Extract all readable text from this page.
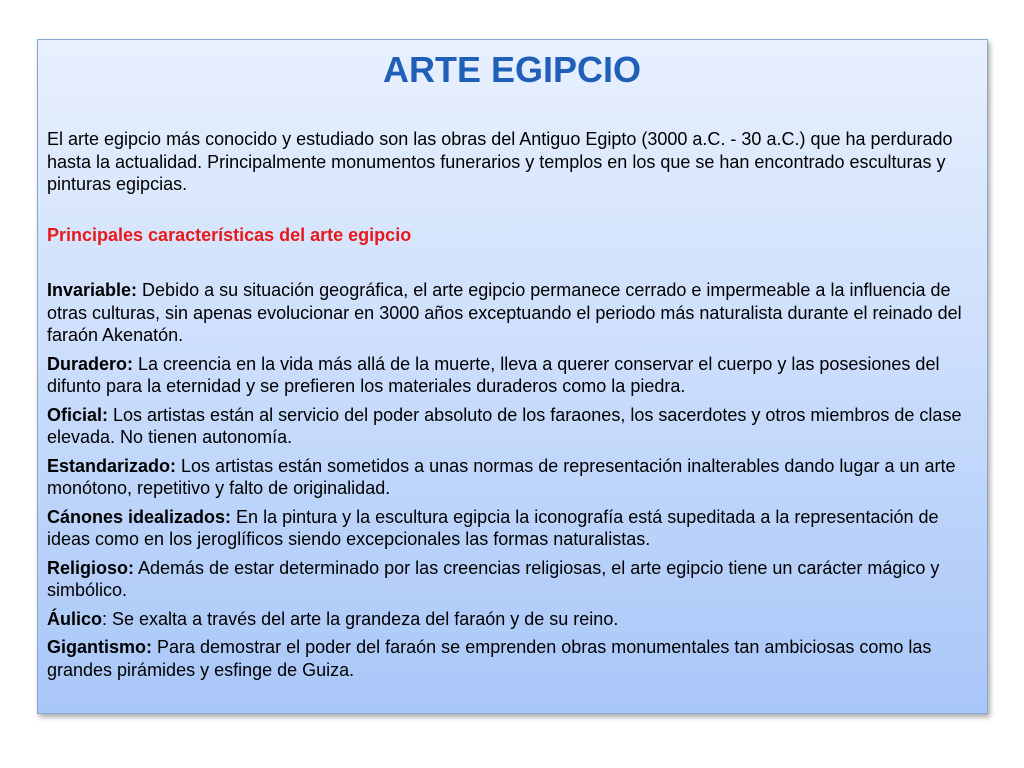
ARTE EGIPCIO

El arte egipcio más conocido y estudiado son las obras del Antiguo Egipto (3000 a.C. - 30 a.C.) que ha perdurado hasta la actualidad. Principalmente monumentos funerarios y templos en los que se han encontrado esculturas y pinturas egipcias.

Principales características del arte egipcio

Invariable: Debido a su situación geográfica, el arte egipcio permanece cerrado e impermeable a la influencia de otras culturas, sin apenas evolucionar en 3000 años exceptuando el periodo más naturalista durante el reinado del faraón Akenatón.

Duradero: La creencia en la vida más allá de la muerte, lleva a querer conservar el cuerpo y las posesiones del difunto para la eternidad y se prefieren los materiales duraderos como la piedra.

Oficial: Los artistas están al servicio del poder absoluto de los faraones, los sacerdotes y otros miembros de clase elevada. No tienen autonomía.

Estandarizado: Los artistas están sometidos a unas normas de representación inalterables dando lugar a un arte monótono, repetitivo y falto de originalidad.

Cánones idealizados: En la pintura y la escultura egipcia la iconografía está supeditada a la representación de ideas como en los jeroglíficos siendo excepcionales las formas naturalistas.

Religioso: Además de estar determinado por las creencias religiosas, el arte egipcio tiene un carácter mágico y simbólico.

Áulico: Se exalta a través del arte la grandeza del faraón y de su reino.

Gigantismo: Para demostrar el poder del faraón se emprenden obras monumentales tan ambiciosas como las grandes pirámides y esfinge de Guiza.
